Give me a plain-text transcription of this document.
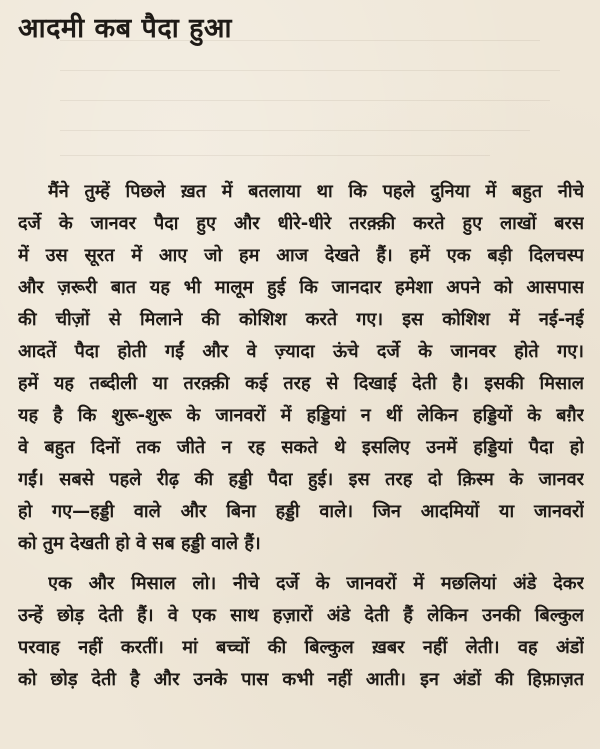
आदमी कब पैदा हुआ
मैंने तुम्हें पिछले ख़त में बतलाया था कि पहले दुनिया में बहुत नीचे
दर्जे के जानवर पैदा हुए और धीरे-धीरे तरक़्क़ी करते हुए लाखों बरस
में उस सूरत में आए जो हम आज देखते हैं। हमें एक बड़ी दिलचस्प
और ज़रूरी बात यह भी मालूम हुई कि जानदार हमेशा अपने को आसपास
की चीज़ों से मिलाने की कोशिश करते गए। इस कोशिश में नई-नई
आदतें पैदा होती गईं और वे ज़्यादा ऊंचे दर्जे के जानवर होते गए।
हमें यह तब्दीली या तरक़्क़ी कई तरह से दिखाई देती है। इसकी मिसाल
यह है कि शुरू-शुरू के जानवरों में हड्डियां न थीं लेकिन हड्डियों के बग़ैर
वे बहुत दिनों तक जीते न रह सकते थे इसलिए उनमें हड्डियां पैदा हो
गईं। सबसे पहले रीढ़ की हड्डी पैदा हुई। इस तरह दो क़िस्म के जानवर
हो गए—हड्डी वाले और बिना हड्डी वाले। जिन आदमियों या जानवरों
को तुम देखती हो वे सब हड्डी वाले हैं।
एक और मिसाल लो। नीचे दर्जे के जानवरों में मछलियां अंडे देकर
उन्हें छोड़ देती हैं। वे एक साथ हज़ारों अंडे देती हैं लेकिन उनकी बिल्कुल
परवाह नहीं करतीं। मां बच्चों की बिल्कुल ख़बर नहीं लेती। वह अंडों
को छोड़ देती है और उनके पास कभी नहीं आती। इन अंडों की हिफ़ाज़त
